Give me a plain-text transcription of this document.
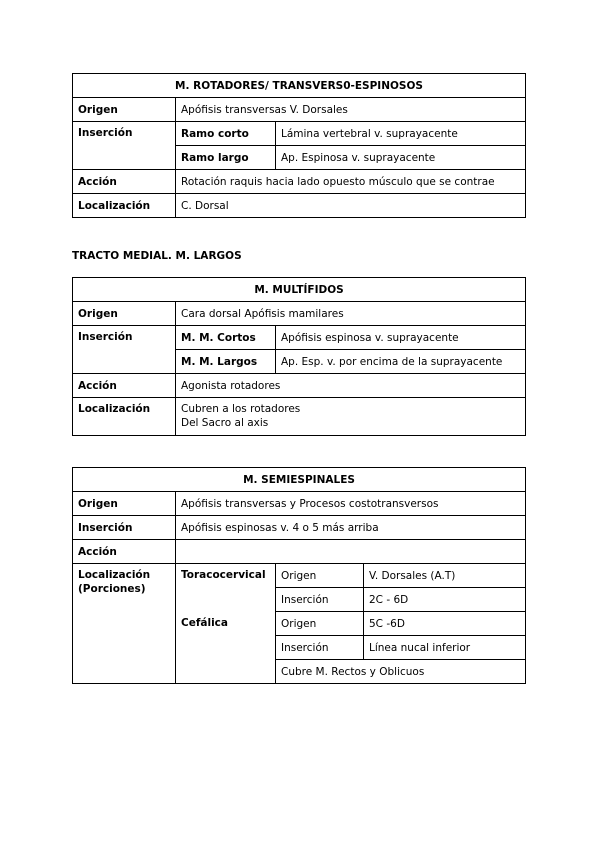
M. ROTADORES/ TRANSVERS0-ESPINOSOS		
Origen	Apófisis transversas V. Dorsales	
Inserción	Ramo corto	Lámina vertebral v. suprayacente
	Ramo largo	Ap. Espinosa v. suprayacente
Acción	Rotación raquis hacia lado opuesto músculo que se contrae	
Localización	C. Dorsal	
TRACTO MEDIAL. M. LARGOS
M. MULTÍFIDOS		
Origen	Cara dorsal Apófisis mamilares	
Inserción	M. M. Cortos	Apófisis espinosa v. suprayacente
	M. M. Largos	Ap. Esp. v. por encima de la suprayacente
Acción	Agonista rotadores	
Localización	Cubren a los rotadores
Del Sacro al axis	
M. SEMIESPINALES			
Origen	Apófisis transversas y Procesos costotransversos		
Inserción	Apófisis espinosas v. 4 o 5 más arriba		
Acción			

Localización
(Porciones)	Toracocervical	Origen	V. Dorsales (A.T)
		Inserción	2C - 6D
	Cefálica	Origen	5C -6D
		Inserción	Línea nucal inferior
		Cubre M. Rectos y Oblicuos	
